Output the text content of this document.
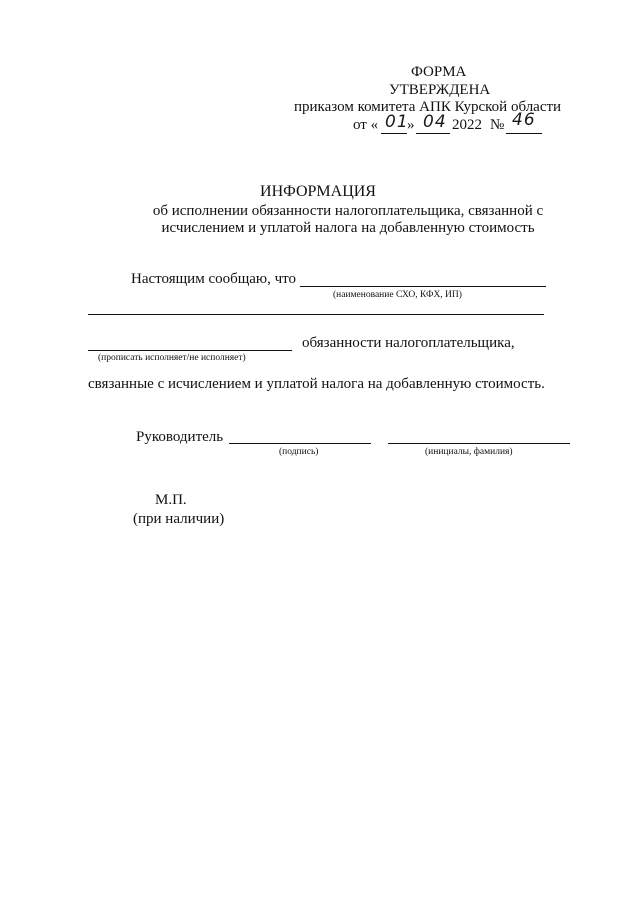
ФОРМА
УТВЕРЖДЕНА
приказом комитета АПК Курской области
от « 01
» 04 2022 № 46
ИНФОРМАЦИЯ
об исполнении обязанности налогоплательщика, связанной с
исчислением и уплатой налога на добавленную стоимость
Настоящим сообщаю, что
(наименование СХО, КФХ, ИП)
обязанности налогоплательщика,
(прописать исполняет/не исполняет)
связанные с исчислением и уплатой налога на добавленную стоимость.
Руководитель
(подпись)	(инициалы, фамилия)
М.П.
(при наличии)
